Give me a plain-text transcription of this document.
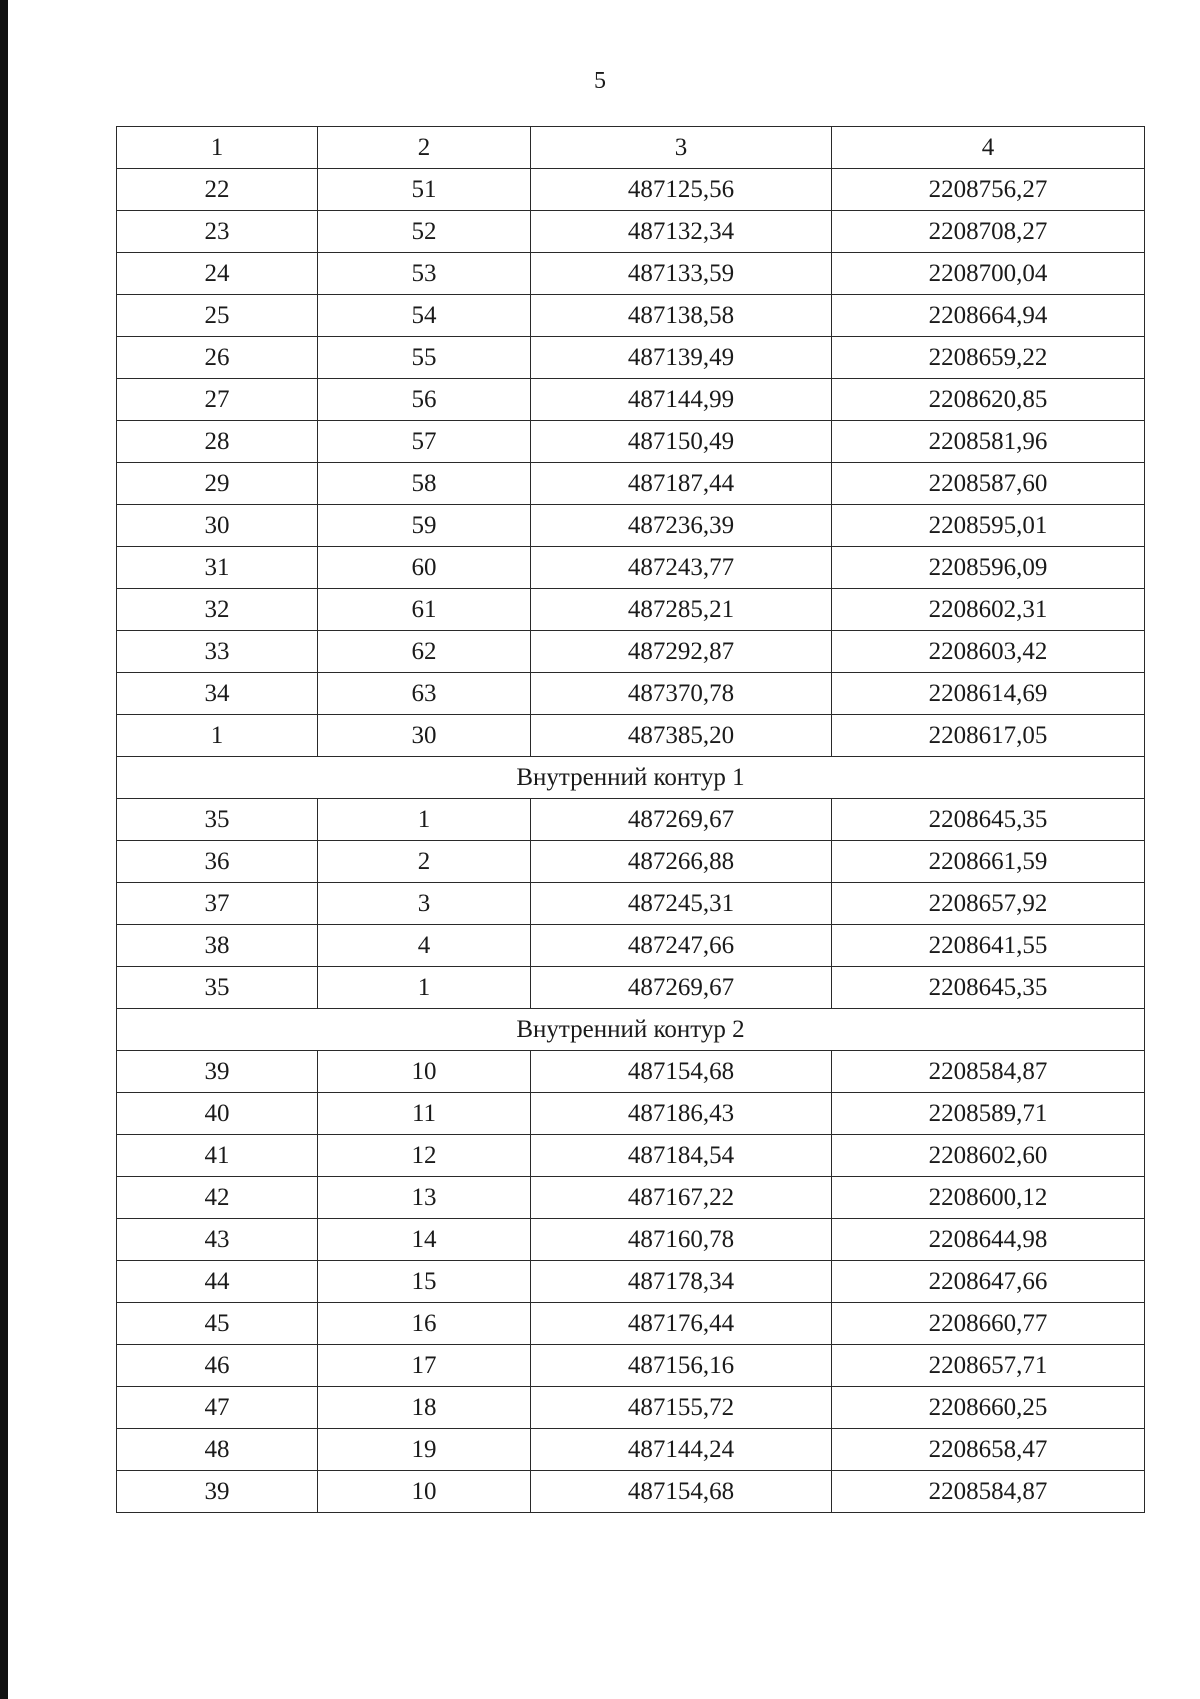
5
1	2	3	4
22	51	487125,56	2208756,27
23	52	487132,34	2208708,27
24	53	487133,59	2208700,04
25	54	487138,58	2208664,94
26	55	487139,49	2208659,22
27	56	487144,99	2208620,85
28	57	487150,49	2208581,96
29	58	487187,44	2208587,60
30	59	487236,39	2208595,01
31	60	487243,77	2208596,09
32	61	487285,21	2208602,31
33	62	487292,87	2208603,42
34	63	487370,78	2208614,69
1	30	487385,20	2208617,05
Внутренний контур 1			
35	1	487269,67	2208645,35
36	2	487266,88	2208661,59
37	3	487245,31	2208657,92
38	4	487247,66	2208641,55
35	1	487269,67	2208645,35
Внутренний контур 2			
39	10	487154,68	2208584,87
40	11	487186,43	2208589,71
41	12	487184,54	2208602,60
42	13	487167,22	2208600,12
43	14	487160,78	2208644,98
44	15	487178,34	2208647,66
45	16	487176,44	2208660,77
46	17	487156,16	2208657,71
47	18	487155,72	2208660,25
48	19	487144,24	2208658,47
39	10	487154,68	2208584,87
